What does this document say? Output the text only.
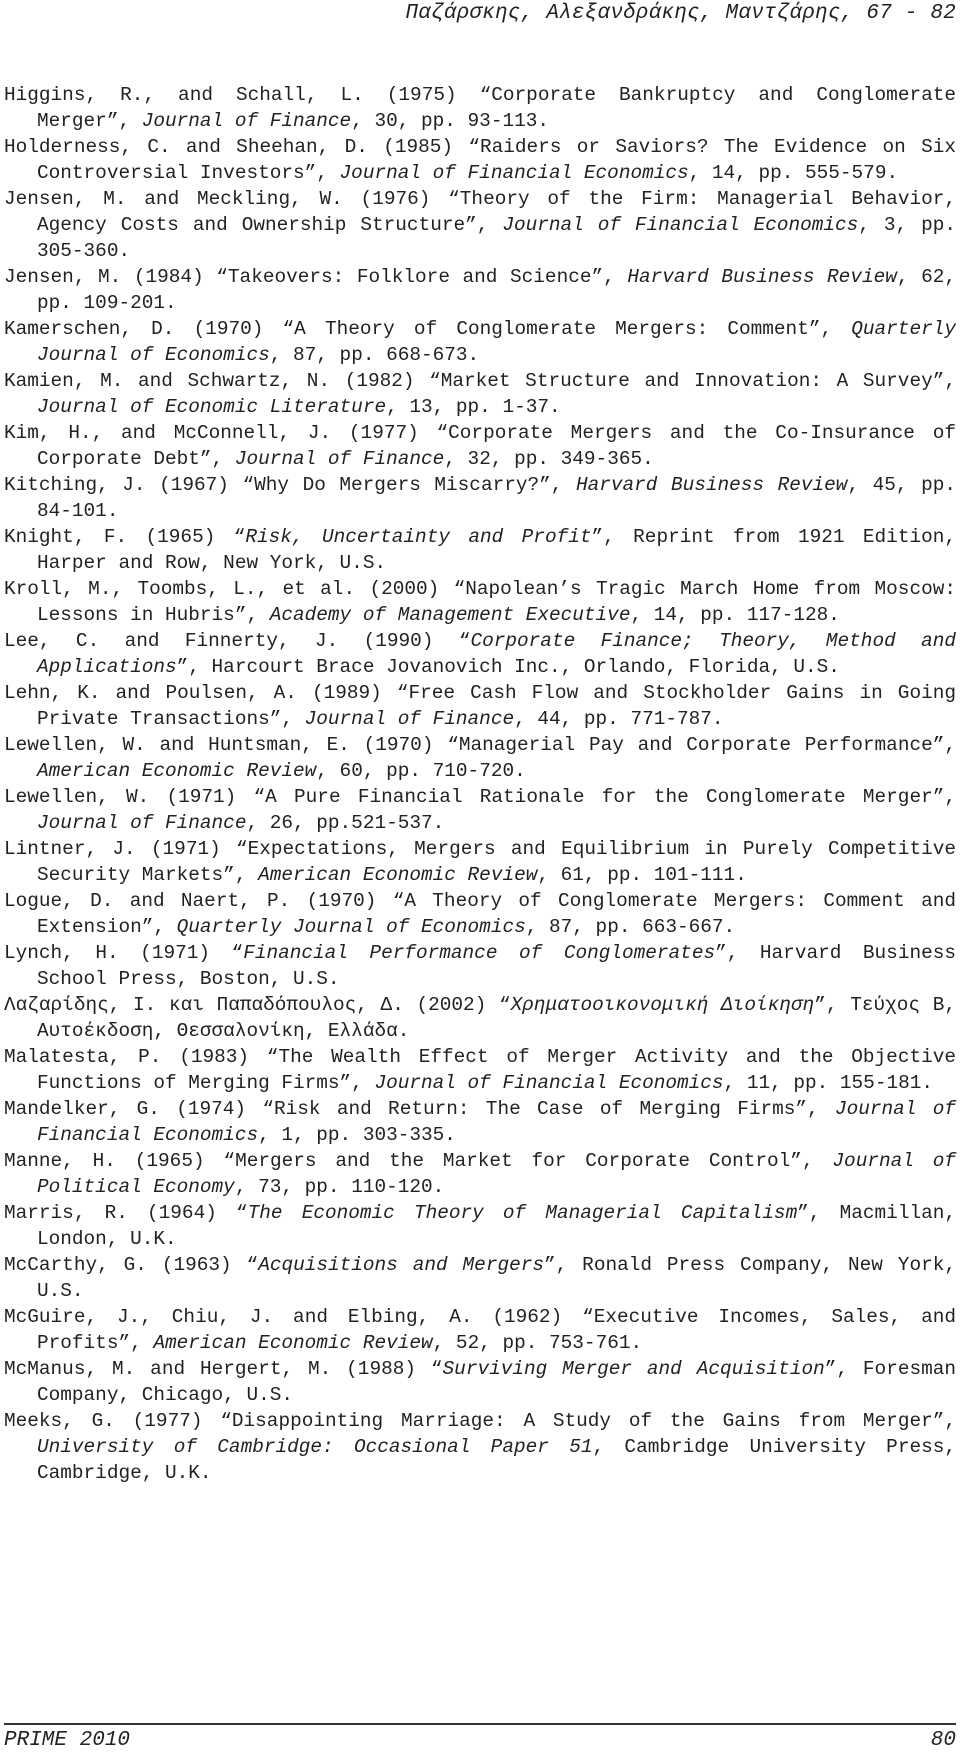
Παζάρσκης, Αλεξανδράκης, Μαντζάρης, 67 - 82
Higgins, R., and Schall, L. (1975) “Corporate Bankruptcy and Conglomerate Merger”, Journal of Finance, 30, pp. 93-113.
Holderness, C. and Sheehan, D. (1985) “Raiders or Saviors? The Evidence on Six Controversial Investors”, Journal of Financial Economics, 14, pp. 555-579.
Jensen, M. and Meckling, W. (1976) “Theory of the Firm: Managerial Behavior, Agency Costs and Ownership Structure”, Journal of Financial Economics, 3, pp. 305-360.
Jensen, M. (1984) “Takeovers: Folklore and Science”, Harvard Business Review, 62, pp. 109-201.
Kamerschen, D. (1970) “A Theory of Conglomerate Mergers: Comment”, Quarterly Journal of Economics, 87, pp. 668-673.
Kamien, M. and Schwartz, N. (1982) “Market Structure and Innovation: A Survey”, Journal of Economic Literature, 13, pp. 1-37.
Kim, H., and McConnell, J. (1977) “Corporate Mergers and the Co-Insurance of Corporate Debt”, Journal of Finance, 32, pp. 349-365.
Kitching, J. (1967) “Why Do Mergers Miscarry?”, Harvard Business Review, 45, pp. 84-101.
Knight, F. (1965) “Risk, Uncertainty and Profit”, Reprint from 1921 Edition, Harper and Row, New York, U.S.
Kroll, M., Toombs, L., et al. (2000) “Napolean’s Tragic March Home from Moscow: Lessons in Hubris”, Academy of Management Executive, 14, pp. 117-128.
Lee, C. and Finnerty, J. (1990) “Corporate Finance; Theory, Method and Applications”, Harcourt Brace Jovanovich Inc., Orlando, Florida, U.S.
Lehn, K. and Poulsen, A. (1989) “Free Cash Flow and Stockholder Gains in Going Private Transactions”, Journal of Finance, 44, pp. 771-787.
Lewellen, W. and Huntsman, E. (1970) “Managerial Pay and Corporate Performance”, American Economic Review, 60, pp. 710-720.
Lewellen, W. (1971) “A Pure Financial Rationale for the Conglomerate Merger”, Journal of Finance, 26, pp.521-537.
Lintner, J. (1971) “Expectations, Mergers and Equilibrium in Purely Competitive Security Markets”, American Economic Review, 61, pp. 101-111.
Logue, D. and Naert, P. (1970) “A Theory of Conglomerate Mergers: Comment and Extension”, Quarterly Journal of Economics, 87, pp. 663-667.
Lynch, H. (1971) “Financial Performance of Conglomerates”, Harvard Business School Press, Boston, U.S.
Λαζαρίδης, Ι. και Παπαδόπουλος, Δ. (2002) “Χρηματοοικονομική Διοίκηση”, Τεύχος Β, Αυτοέκδοση, Θεσσαλονίκη, Ελλάδα.
Malatesta, P. (1983) “The Wealth Effect of Merger Activity and the Objective Functions of Merging Firms”, Journal of Financial Economics, 11, pp. 155-181.
Mandelker, G. (1974) “Risk and Return: The Case of Merging Firms”, Journal of Financial Economics, 1, pp. 303-335.
Manne, H. (1965) “Mergers and the Market for Corporate Control”, Journal of Political Economy, 73, pp. 110-120.
Marris, R. (1964) “The Economic Theory of Managerial Capitalism”, Macmillan, London, U.K.
McCarthy, G. (1963) “Acquisitions and Mergers”, Ronald Press Company, New York, U.S.
McGuire, J., Chiu, J. and Elbing, A. (1962) “Executive Incomes, Sales, and Profits”, American Economic Review, 52, pp. 753-761.
McManus, M. and Hergert, M. (1988) “Surviving Merger and Acquisition”, Foresman Company, Chicago, U.S.
Meeks, G. (1977) “Disappointing Marriage: A Study of the Gains from Merger”, University of Cambridge: Occasional Paper 51, Cambridge University Press, Cambridge, U.K.
PRIME 2010	80
